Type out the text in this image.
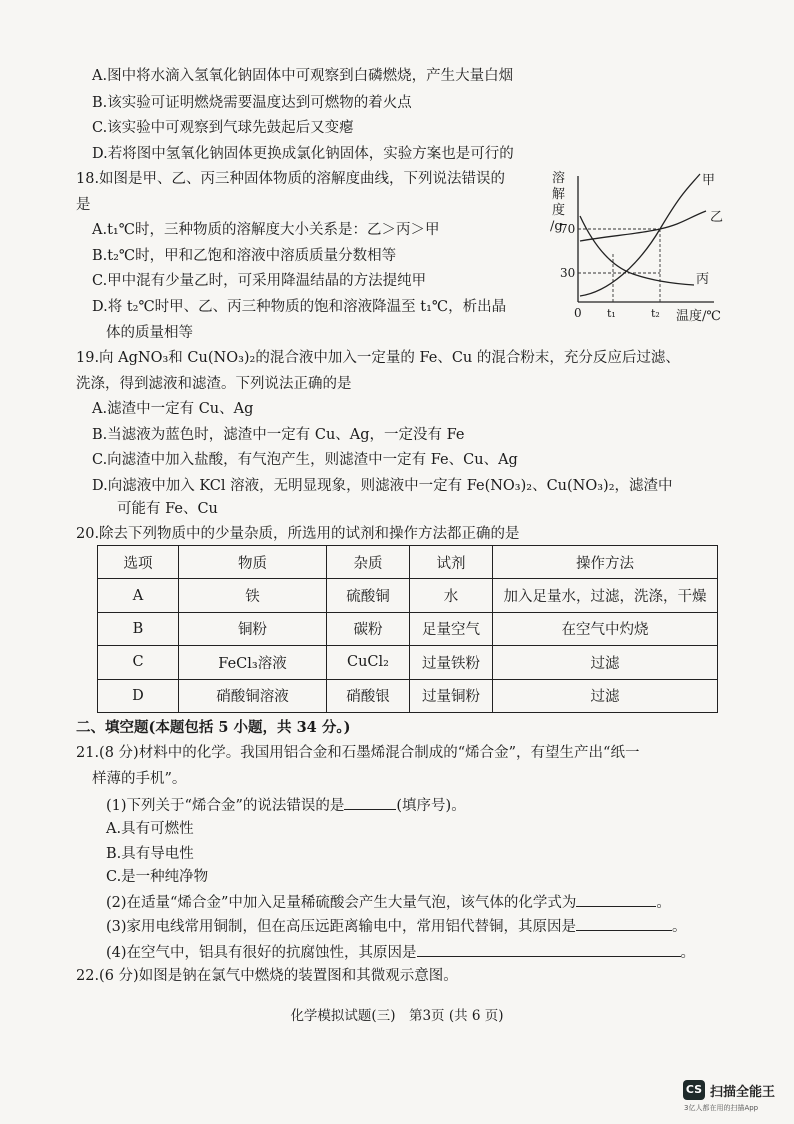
A.图中将水滴入氢氧化钠固体中可观察到白磷燃烧，产生大量白烟
B.该实验可证明燃烧需要温度达到可燃物的着火点
C.该实验中可观察到气球先鼓起后又变瘪
D.若将图中氢氧化钠固体更换成氯化钠固体，实验方案也是可行的
18.如图是甲、乙、丙三种固体物质的溶解度曲线，下列说法错误的
是
A.t₁℃时，三种物质的溶解度大小关系是：乙＞丙＞甲
B.t₂℃时，甲和乙饱和溶液中溶质质量分数相等
C.甲中混有少量乙时，可采用降温结晶的方法提纯甲
D.将 t₂℃时甲、乙、丙三种物质的饱和溶液降温至 t₁℃，析出晶
体的质量相等
溶
解
度
/g
温度/℃
0
70
30
t₁	t₂
甲
乙
丙
19.向 AgNO₃和 Cu(NO₃)₂的混合液中加入一定量的 Fe、Cu 的混合粉末，充分反应后过滤、
洗涤，得到滤液和滤渣。下列说法正确的是
A.滤渣中一定有 Cu、Ag
B.当滤液为蓝色时，滤渣中一定有 Cu、Ag，一定没有 Fe
C.向滤渣中加入盐酸，有气泡产生，则滤渣中一定有 Fe、Cu、Ag
D.向滤液中加入 KCl 溶液，无明显现象，则滤液中一定有 Fe(NO₃)₂、Cu(NO₃)₂，滤渣中
可能有 Fe、Cu
20.除去下列物质中的少量杂质，所选用的试剂和操作方法都正确的是
选项	物质	杂质	试剂	操作方法
A	铁	硫酸铜	水	加入足量水，过滤，洗涤，干燥
B	铜粉	碳粉	足量空气	在空气中灼烧
C	FeCl₃溶液	CuCl₂	过量铁粉	过滤
D	硝酸铜溶液	硝酸银	过量铜粉	过滤
二、填空题(本题包括 5 小题，共 34 分。)
21.(8 分)材料中的化学。我国用铝合金和石墨烯混合制成的“烯合金”，有望生产出“纸一
样薄的手机”。
(1)下列关于“烯合金”的说法错误的是	(填序号)。
A.具有可燃性
B.具有导电性
C.是一种纯净物
(2)在适量“烯合金”中加入足量稀硫酸会产生大量气泡，该气体的化学式为	。
(3)家用电线常用铜制，但在高压远距离输电中，常用铝代替铜，其原因是	。
(4)在空气中，铝具有很好的抗腐蚀性，其原因是	。
22.(6 分)如图是钠在氯气中燃烧的装置图和其微观示意图。
化学模拟试题(三)　第3页 (共 6 页)
CS 扫描全能王
3亿人都在用的扫描App
